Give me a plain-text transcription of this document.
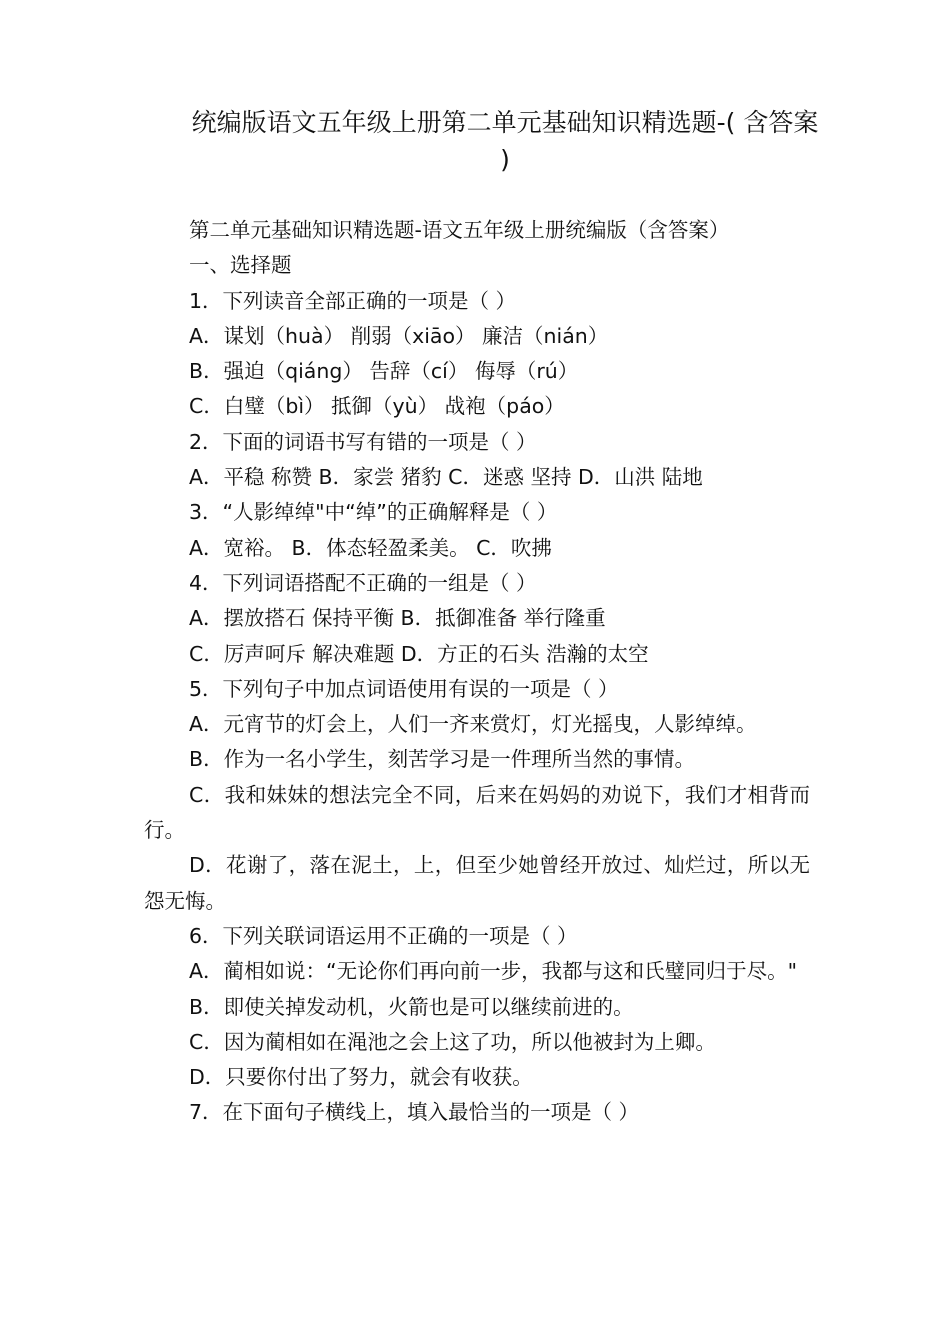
统编版语文五年级上册第二单元基础知识精选题-( 含答案 )
第二单元基础知识精选题-语文五年级上册统编版（含答案）
一、选择题
1．下列读音全部正确的一项是（ ）
A．谋划（huà） 削弱（xiāo） 廉洁（nián）
B．强迫（qiáng） 告辞（cí） 侮辱（rú）
C．白璧（bì） 抵御（yù） 战袍（páo）
2．下面的词语书写有错的一项是（ ）
A．平稳 称赞 B．家尝 猪豹 C．迷惑 坚持 D．山洪 陆地
3．“人影绰绰"中“绰”的正确解释是（ ）
A．宽裕。 B．体态轻盈柔美。 C．吹拂
4．下列词语搭配不正确的一组是（ ）
A．摆放搭石 保持平衡 B．抵御准备 举行隆重
C．厉声呵斥 解决难题 D．方正的石头 浩瀚的太空
5．下列句子中加点词语使用有误的一项是（ ）
A．元宵节的灯会上，人们一齐来赏灯，灯光摇曳，人影绰绰。
B．作为一名小学生，刻苦学习是一件理所当然的事情。
C．我和妹妹的想法完全不同，后来在妈妈的劝说下，我们才相背而行。
D．花谢了，落在泥土，上，但至少她曾经开放过、灿烂过，所以无怨无悔。
6．下列关联词语运用不正确的一项是（ ）
A．蔺相如说：“无论你们再向前一步，我都与这和氏璧同归于尽。"
B．即使关掉发动机，火箭也是可以继续前进的。
C．因为蔺相如在渑池之会上这了功，所以他被封为上卿。
D．只要你付出了努力，就会有收获。
7．在下面句子横线上，填入最恰当的一项是（ ）
